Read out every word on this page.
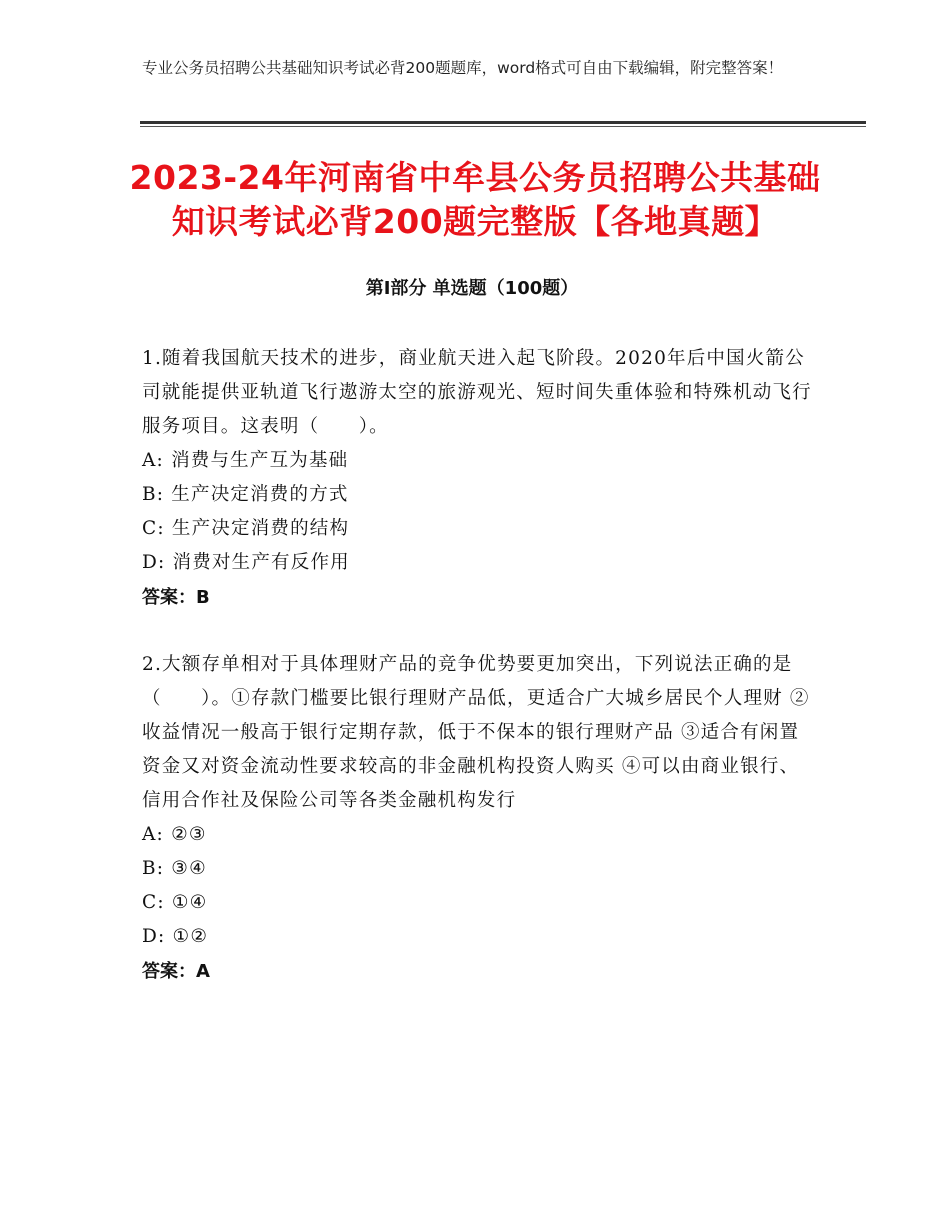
专业公务员招聘公共基础知识考试必背200题题库，word格式可自由下载编辑，附完整答案！
2023-24年河南省中牟县公务员招聘公共基础知识考试必背200题完整版【各地真题】
第I部分 单选题（100题）

1.随着我国航天技术的进步，商业航天进入起飞阶段。2020年后中国火箭公司就能提供亚轨道飞行遨游太空的旅游观光、短时间失重体验和特殊机动飞行服务项目。这表明（　　）。

A: 消费与生产互为基础

B: 生产决定消费的方式

C: 生产决定消费的结构

D: 消费对生产有反作用

答案：B

2.大额存单相对于具体理财产品的竞争优势要更加突出，下列说法正确的是（　　）。①存款门槛要比银行理财产品低，更适合广大城乡居民个人理财 ②收益情况一般高于银行定期存款，低于不保本的银行理财产品 ③适合有闲置资金又对资金流动性要求较高的非金融机构投资人购买 ④可以由商业银行、信用合作社及保险公司等各类金融机构发行

A: ②③

B: ③④

C: ①④

D: ①②

答案：A
